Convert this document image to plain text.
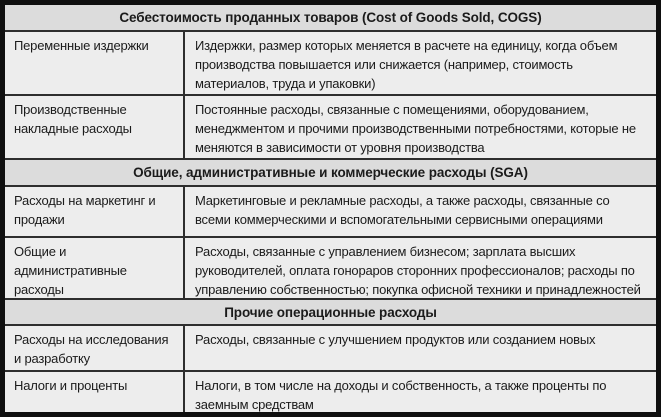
Себестоимость проданных товаров (Cost of Goods Sold, COGS)
Переменные издержки	Издержки, размер которых меняется в расчете на единицу, когда объем производства повышается или снижается (например, стоимость материалов, труда и упаковки)
Производственные накладные расходы
Постоянные расходы, связанные с помещениями, оборудованием, менеджментом и прочими производственными потребностями, которые не меняются в зависимости от уровня производства
Общие, административные и коммерческие расходы (SGA)
Расходы на маркетинг и продажи
Маркетинговые и рекламные расходы, а также расходы, связанные со всеми коммерческими и вспомогательными сервисными операциями
Общие и административные расходы
Расходы, связанные с управлением бизнесом; зарплата высших руководителей, оплата гонораров сторонних профессионалов; расходы по управлению собственностью; покупка офисной техники и принадлежностей
Прочие операционные расходы
Расходы на исследования и разработку
Расходы, связанные с улучшением продуктов или созданием новых
Налоги и проценты	Налоги, в том числе на доходы и собственность, а также проценты по заемным средствам
